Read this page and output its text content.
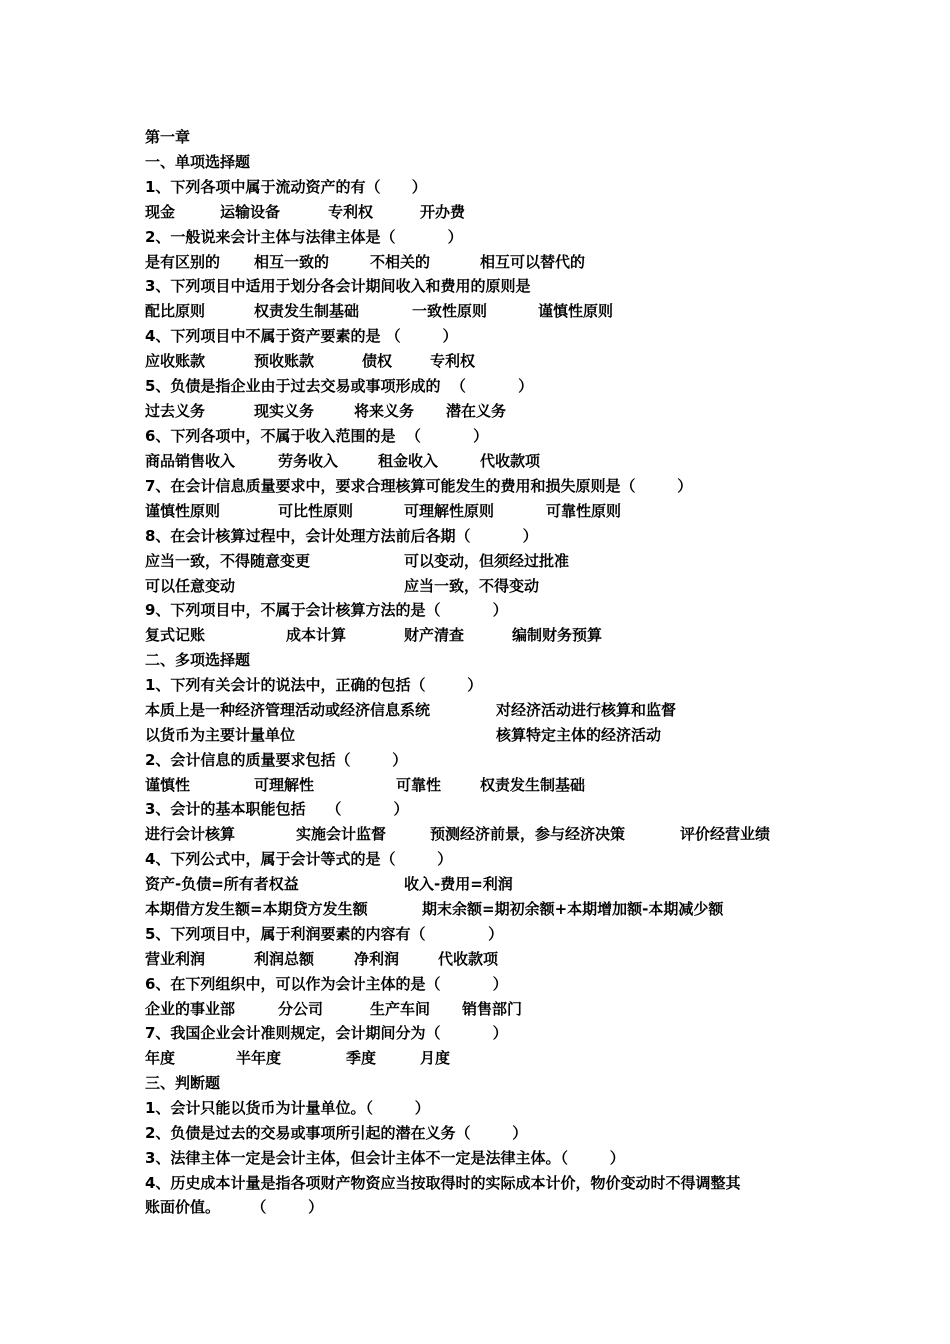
第一章
一、单项选择题
1、下列各项中属于流动资产的有（      ）
现金	运输设备	专利权	开办费
2、一般说来会计主体与法律主体是（          ）
是有区别的 相互一致的	不相关的	相互可以替代的
3、下列项目中适用于划分各会计期间收入和费用的原则是
配比原则	权责发生制基础	一致性原则	谨慎性原则
4、下列项目中不属于资产要素的是 （        ）
应收账款	预收账款	债权	专利权
5、负债是指企业由于过去交易或事项形成的  （          ）
过去义务	现实义务	将来义务 潜在义务
6、下列各项中，不属于收入范围的是  （          ）
商品销售收入	劳务收入	租金收入	代收款项
7、在会计信息质量要求中，要求合理核算可能发生的费用和损失原则是（        ）
谨慎性原则	可比性原则	可理解性原则	可靠性原则
8、在会计核算过程中，会计处理方法前后各期（          ）
应当一致，不得随意变更	可以变动，但须经过批准
可以任意变动	应当一致，不得变动
9、下列项目中，不属于会计核算方法的是（          ）
复式记账	成本计算	财产清查	编制财务预算
二、多项选择题
1、下列有关会计的说法中，正确的包括（        ）
本质上是一种经济管理活动或经济信息系统	对经济活动进行核算和监督
以货币为主要计量单位	核算特定主体的经济活动
2、会计信息的质量要求包括（        ）
谨慎性	可理解性	可靠性	权责发生制基础
3、会计的基本职能包括    （          ）
进行会计核算	实施会计监督	预测经济前景，参与经济决策	评价经营业绩
4、下列公式中，属于会计等式的是（        ）
资产-负债=所有者权益	收入-费用=利润
本期借方发生额=本期贷方发生额	期末余额=期初余额+本期增加额-本期减少额
5、下列项目中，属于利润要素的内容有（            ）
营业利润	利润总额	净利润	代收款项
6、在下列组织中，可以作为会计主体的是（          ）
企业的事业部	分公司	生产车间 销售部门
7、我国企业会计准则规定，会计期间分为（          ）
年度	半年度	季度	月度
三、判断题
1、会计只能以货币为计量单位。（        ）
2、负债是过去的交易或事项所引起的潜在义务（        ）
3、法律主体一定是会计主体，但会计主体不一定是法律主体。（        ）
4、历史成本计量是指各项财产物资应当按取得时的实际成本计价，物价变动时不得调整其
账面价值。      （        ）
